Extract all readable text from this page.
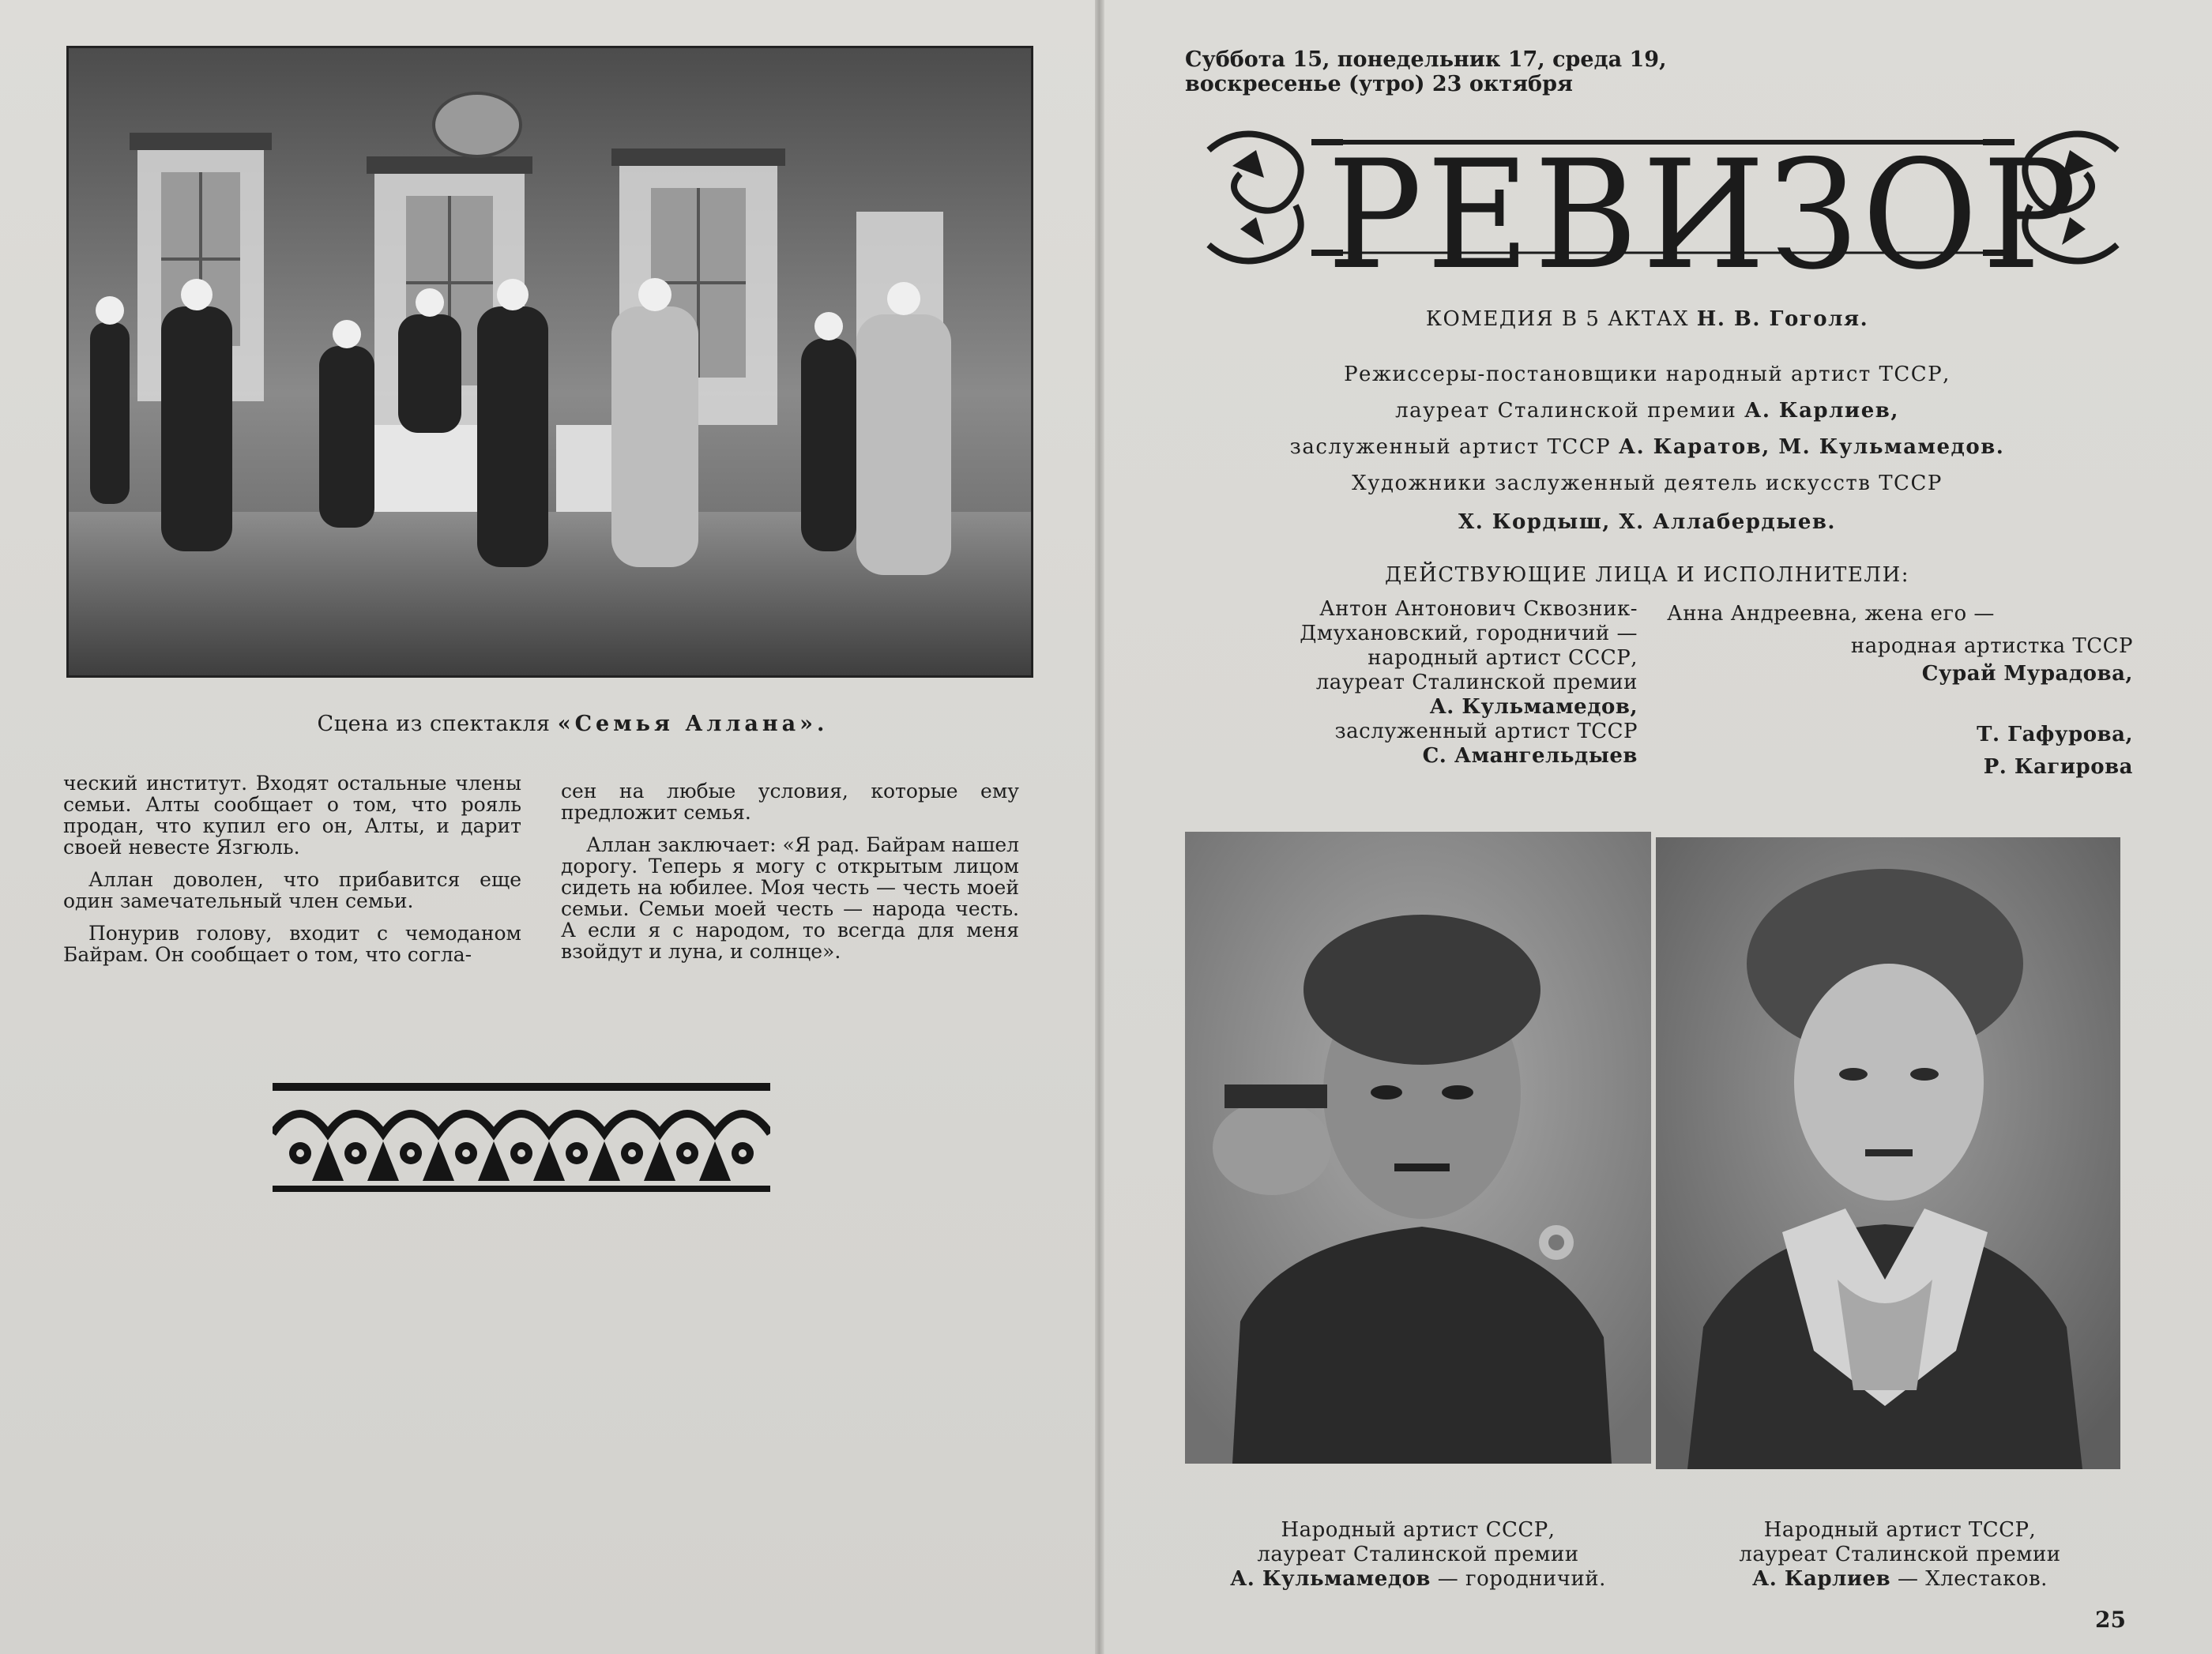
Сцена из спектакля «Семья Аллана».

ческий институт. Входят остальные члены семьи. Алты сообщает о том, что рояль продан, что купил его он, Алты, и дарит своей невесте Язгюль.

Аллан доволен, что прибавится еще один замечательный член семьи.

Понурив голову, входит с чемоданом Байрам. Он сообщает о том, что согла-

сен на любые условия, которые ему предложит семья.

Аллан заключает: «Я рад. Байрам нашел дорогу. Теперь я могу с открытым лицом сидеть на юбилее. Моя честь — честь моей семьи. Семьи моей честь — народа честь. А если я с народом, то всегда для меня взойдут и луна, и солнце».

Суббота 15, понедельник 17, среда 19,
воскресенье (утро) 23 октября
РЕВИЗОР
КОМЕДИЯ В 5 АКТАХ Н. В. Гоголя.
Режиссеры-постановщики народный артист ТССР,
лауреат Сталинской премии А. Карлиев,
заслуженный артист ТССР А. Каратов, М. Кульмамедов.
Художники заслуженный деятель искусств ТССР
Х. Кордыш, Х. Аллабердыев.
ДЕЙСТВУЮЩИЕ ЛИЦА И ИСПОЛНИТЕЛИ:
Антон Антонович Сквозник-
Дмухановский, городничий —
народный артист СССР,
лауреат Сталинской премии
А. Кульмамедов,
заслуженный артист ТССР
С. Амангельдыев
Анна Андреевна, жена его —
народная артистка ТССР
Сурай Мурадова,
Т. Гафурова,
Р. Кагирова
Народный артист СССР,
лауреат Сталинской премии
А. Кульмамедов — городничий.
Народный артист ТССР,
лауреат Сталинской премии
А. Карлиев — Хлестаков.
25
